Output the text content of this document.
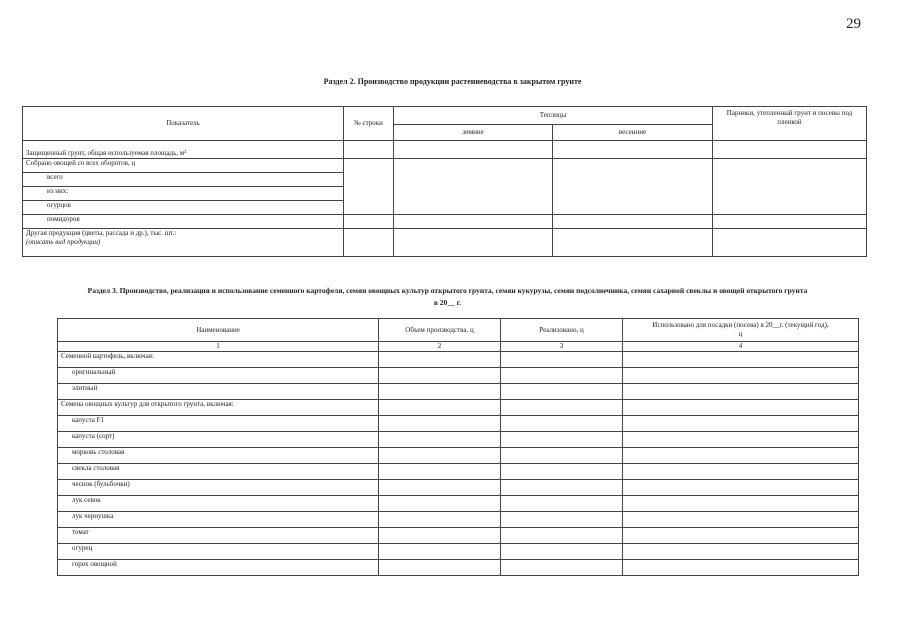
29
Раздел 2. Производство продукции растениеводства в закрытом грунте
Показатель	№ строки	Теплицы		Парники, утепленный грунт и посевы под пленкой
		зимние	весенние	
Защищенный грунт, общая используемая площадь, м²				
Собрано овощей со всех оборотов, ц				
всего				
из них:				
огурцов				
помидоров				

Другая продукция (цветы, рассада и др.), тыс. шт.:
(описать вид продукции)				

Раздел 3. Производство, реализация и использование семенного картофеля, семян овощных культур открытого грунта, семян кукурузы, семян подсолнечника, семян сахарной свеклы и овощей открытого грунта
в 20__ г.
Наименование	Объем производства, ц	Реализовано, ц	Использовано для посадки (посева) в 20__г. (текущий год),
ц

1	2	3	4
Семенной картофель, включая:			
оригинальный			
элитный			
Семена овощных культур для открытого грунта, включая:			
капуста F1			
капуста (сорт)			
морковь столовая			
свекла столовая			
чеснок (бульбочки)			
лук севок			
лук чернушка			
томат			
огурец			
горох овощной			
